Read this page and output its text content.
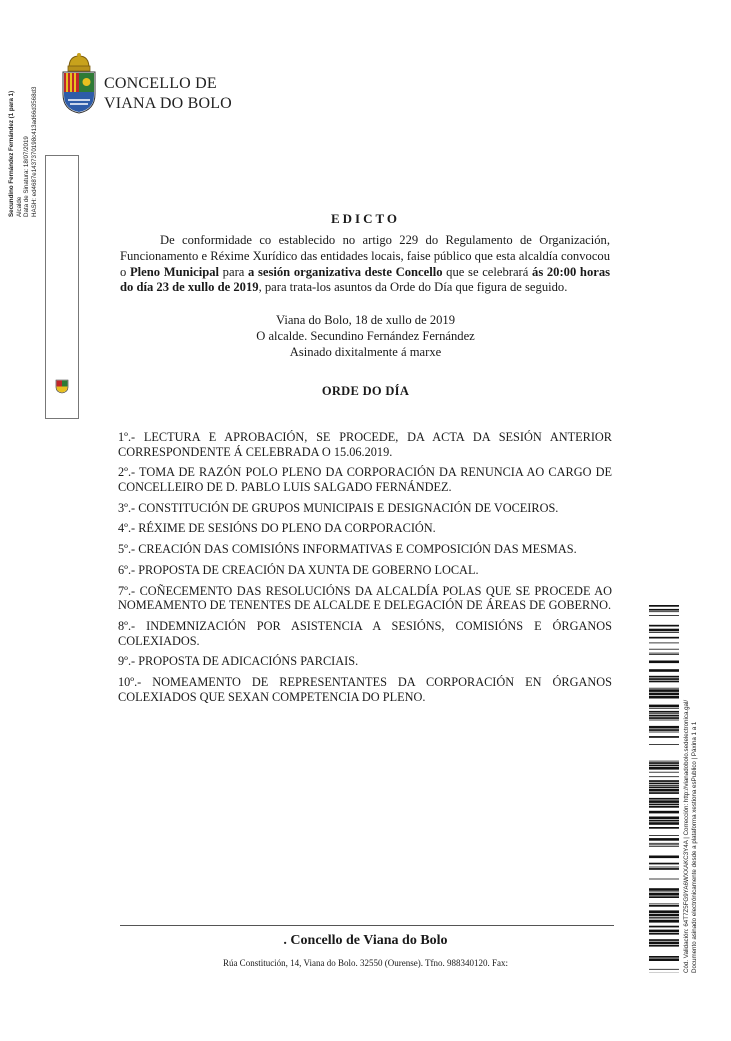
CONCELLO DE
VIANA DO BOLO
Secundino Fernández Fernández (1 para 1) Alcalde Data de Sinatura: 18/07/2019 HASH: ed4687e1437370198c413ad66d3568d3
EDICTO

De conformidade co establecido no artigo 229 do Regulamento de Organización, Funcionamento e Réxime Xurídico das entidades locais, faise público que esta alcaldía convocou o Pleno Municipal para a sesión organizativa deste Concello que se celebrará ás 20:00 horas do día 23 de xullo de 2019, para trata-los asuntos da Orde do Día que figura de seguido.

Viana do Bolo, 18 de xullo de 2019
O alcalde. Secundino Fernández Fernández
Asinado dixitalmente á marxe
ORDE DO DÍA
1º.- LECTURA E APROBACIÓN, SE PROCEDE, DA ACTA DA SESIÓN ANTERIOR CORRESPONDENTE Á CELEBRADA O 15.06.2019.
2º.- TOMA DE RAZÓN POLO PLENO DA CORPORACIÓN DA RENUNCIA AO CARGO DE CONCELLEIRO DE D. PABLO LUIS SALGADO FERNÁNDEZ.
3º.- CONSTITUCIÓN DE GRUPOS MUNICIPAIS E DESIGNACIÓN DE VOCEIROS.
4º.- RÉXIME DE SESIÓNS DO PLENO DA CORPORACIÓN.
5º.- CREACIÓN DAS COMISIÓNS INFORMATIVAS E COMPOSICIÓN DAS MESMAS.
6º.- PROPOSTA DE CREACIÓN DA XUNTA DE GOBERNO LOCAL.
7º.- COÑECEMENTO DAS RESOLUCIÓNS DA ALCALDÍA POLAS QUE SE PROCEDE AO NOMEAMENTO DE TENENTES DE ALCALDE E DELEGACIÓN DE ÁREAS DE GOBERNO.
8º.- INDEMNIZACIÓN POR ASISTENCIA A SESIÓNS, COMISIÓNS E ÓRGANOS COLEXIADOS.
9º.- PROPOSTA DE ADICACIÓNS PARCIAIS.
10º.- NOMEAMENTO DE REPRESENTANTES DA CORPORACIÓN EN ÓRGANOS COLEXIADOS QUE SEXAN COMPETENCIA DO PLENO.
Cód. Validación: 64T7Z5FG9YA6WXXAKC3Y4A | Corrección: http://vianadobolo.sedelectronica.gal/ Documento asinado electrónicamente desde a plataforma xestiona esPublico | Páxina 1 a 1
. Concello de Viana do Bolo
Rúa Constitución, 14, Viana do Bolo. 32550 (Ourense). Tfno. 988340120. Fax:
